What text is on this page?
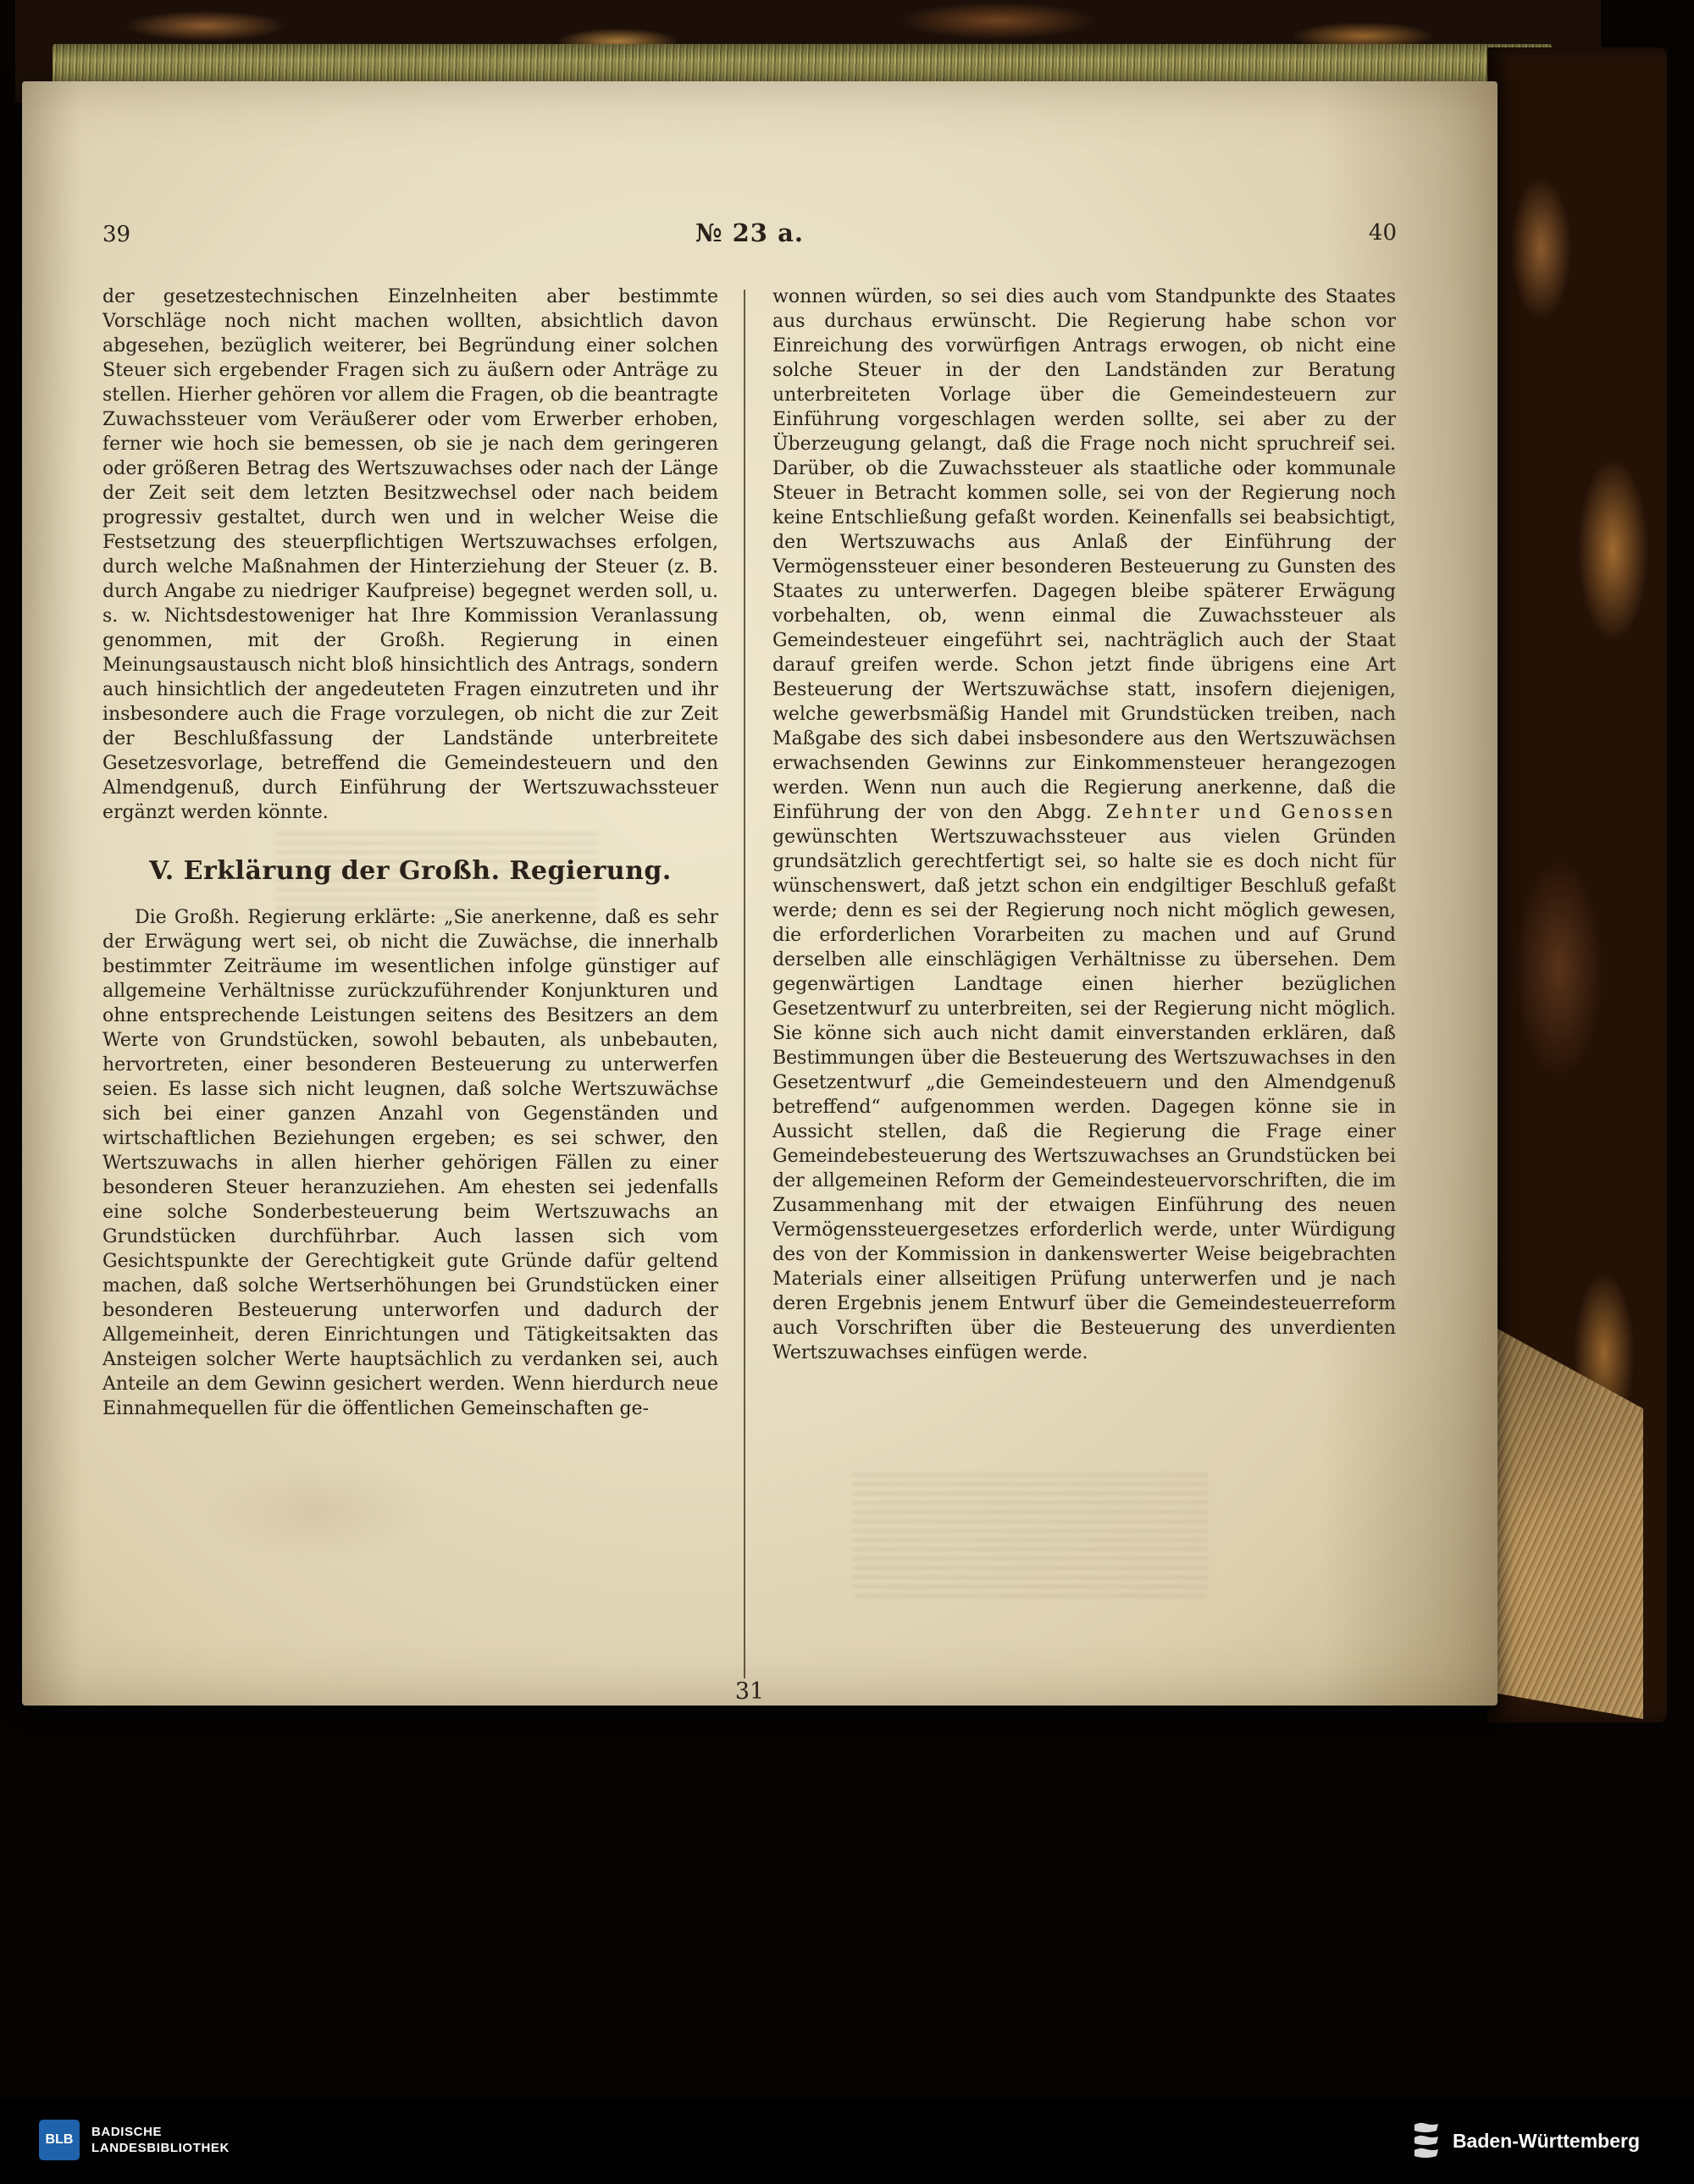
39	№ 23 a.	40

der gesetzestechnischen Einzelnheiten aber bestimmte Vorschläge noch nicht machen wollten, absichtlich davon abgesehen, bezüglich weiterer, bei Begründung einer solchen Steuer sich ergebender Fragen sich zu äußern oder Anträge zu stellen. Hierher gehören vor allem die Fragen, ob die beantragte Zuwachssteuer vom Veräußerer oder vom Erwerber erhoben, ferner wie hoch sie bemessen, ob sie je nach dem geringeren oder größeren Betrag des Wertszuwachses oder nach der Länge der Zeit seit dem letzten Besitzwechsel oder nach beidem progressiv gestaltet, durch wen und in welcher Weise die Festsetzung des steuerpflichtigen Wertszuwachses erfolgen, durch welche Maßnahmen der Hinterziehung der Steuer (z. B. durch Angabe zu niedriger Kaufpreise) begegnet werden soll, u. s. w. Nichtsdestoweniger hat Ihre Kommission Veranlassung genommen, mit der Großh. Regierung in einen Meinungsaustausch nicht bloß hinsichtlich des Antrags, sondern auch hinsichtlich der angedeuteten Fragen einzutreten und ihr insbesondere auch die Frage vorzulegen, ob nicht die zur Zeit der Beschlußfassung der Landstände unterbreitete Gesetzesvorlage, betreffend die Gemeindesteuern und den Almendgenuß, durch Einführung der Wertszuwachssteuer ergänzt werden könnte.

V. Erklärung der Großh. Regierung.

Die Großh. Regierung erklärte: „Sie anerkenne, daß es sehr der Erwägung wert sei, ob nicht die Zuwächse, die innerhalb bestimmter Zeiträume im wesentlichen infolge günstiger auf allgemeine Verhältnisse zurückzuführender Konjunkturen und ohne entsprechende Leistungen seitens des Besitzers an dem Werte von Grundstücken, sowohl bebauten, als unbebauten, hervortreten, einer besonderen Besteuerung zu unterwerfen seien. Es lasse sich nicht leugnen, daß solche Wertszuwächse sich bei einer ganzen Anzahl von Gegenständen und wirtschaftlichen Beziehungen ergeben; es sei schwer, den Wertszuwachs in allen hierher gehörigen Fällen zu einer besonderen Steuer heranzuziehen. Am ehesten sei jedenfalls eine solche Sonderbesteuerung beim Wertszuwachs an Grundstücken durchführbar. Auch lassen sich vom Gesichtspunkte der Gerechtigkeit gute Gründe dafür geltend machen, daß solche Wertserhöhungen bei Grundstücken einer besonderen Besteuerung unterworfen und dadurch der Allgemeinheit, deren Einrichtungen und Tätigkeitsakten das Ansteigen solcher Werte hauptsächlich zu verdanken sei, auch Anteile an dem Gewinn gesichert werden. Wenn hierdurch neue Einnahmequellen für die öffentlichen Gemeinschaften ge-

wonnen würden, so sei dies auch vom Standpunkte des Staates aus durchaus erwünscht. Die Regierung habe schon vor Einreichung des vorwürfigen Antrags erwogen, ob nicht eine solche Steuer in der den Landständen zur Beratung unterbreiteten Vorlage über die Gemeindesteuern zur Einführung vorgeschlagen werden sollte, sei aber zu der Überzeugung gelangt, daß die Frage noch nicht spruchreif sei. Darüber, ob die Zuwachssteuer als staatliche oder kommunale Steuer in Betracht kommen solle, sei von der Regierung noch keine Entschließung gefaßt worden. Keinenfalls sei beabsichtigt, den Wertszuwachs aus Anlaß der Einführung der Vermögenssteuer einer besonderen Besteuerung zu Gunsten des Staates zu unterwerfen. Dagegen bleibe späterer Erwägung vorbehalten, ob, wenn einmal die Zuwachssteuer als Gemeindesteuer eingeführt sei, nachträglich auch der Staat darauf greifen werde. Schon jetzt finde übrigens eine Art Besteuerung der Wertszuwächse statt, insofern diejenigen, welche gewerbsmäßig Handel mit Grundstücken treiben, nach Maßgabe des sich dabei insbesondere aus den Wertszuwächsen erwachsenden Gewinns zur Einkommensteuer herangezogen werden. Wenn nun auch die Regierung anerkenne, daß die Einführung der von den Abgg. Zehnter und Genossen gewünschten Wertszuwachssteuer aus vielen Gründen grundsätzlich gerechtfertigt sei, so halte sie es doch nicht für wünschenswert, daß jetzt schon ein endgiltiger Beschluß gefaßt werde; denn es sei der Regierung noch nicht möglich gewesen, die erforderlichen Vorarbeiten zu machen und auf Grund derselben alle einschlägigen Verhältnisse zu übersehen. Dem gegenwärtigen Landtage einen hierher bezüglichen Gesetzentwurf zu unterbreiten, sei der Regierung nicht möglich. Sie könne sich auch nicht damit einverstanden erklären, daß Bestimmungen über die Besteuerung des Wertszuwachses in den Gesetzentwurf „die Gemeindesteuern und den Almendgenuß betreffend“ aufgenommen werden. Dagegen könne sie in Aussicht stellen, daß die Regierung die Frage einer Gemeindebesteuerung des Wertszuwachses an Grundstücken bei der allgemeinen Reform der Gemeindesteuervorschriften, die im Zusammenhang mit der etwaigen Einführung des neuen Vermögenssteuergesetzes erforderlich werde, unter Würdigung des von der Kommission in dankenswerter Weise beigebrachten Materials einer allseitigen Prüfung unterwerfen und je nach deren Ergebnis jenem Entwurf über die Gemeindesteuerreform auch Vorschriften über die Besteuerung des unverdienten Wertszuwachses einfügen werde.

31
BLB
BADISCHE
LANDESBIBLIOTHEK	Baden-Württemberg
